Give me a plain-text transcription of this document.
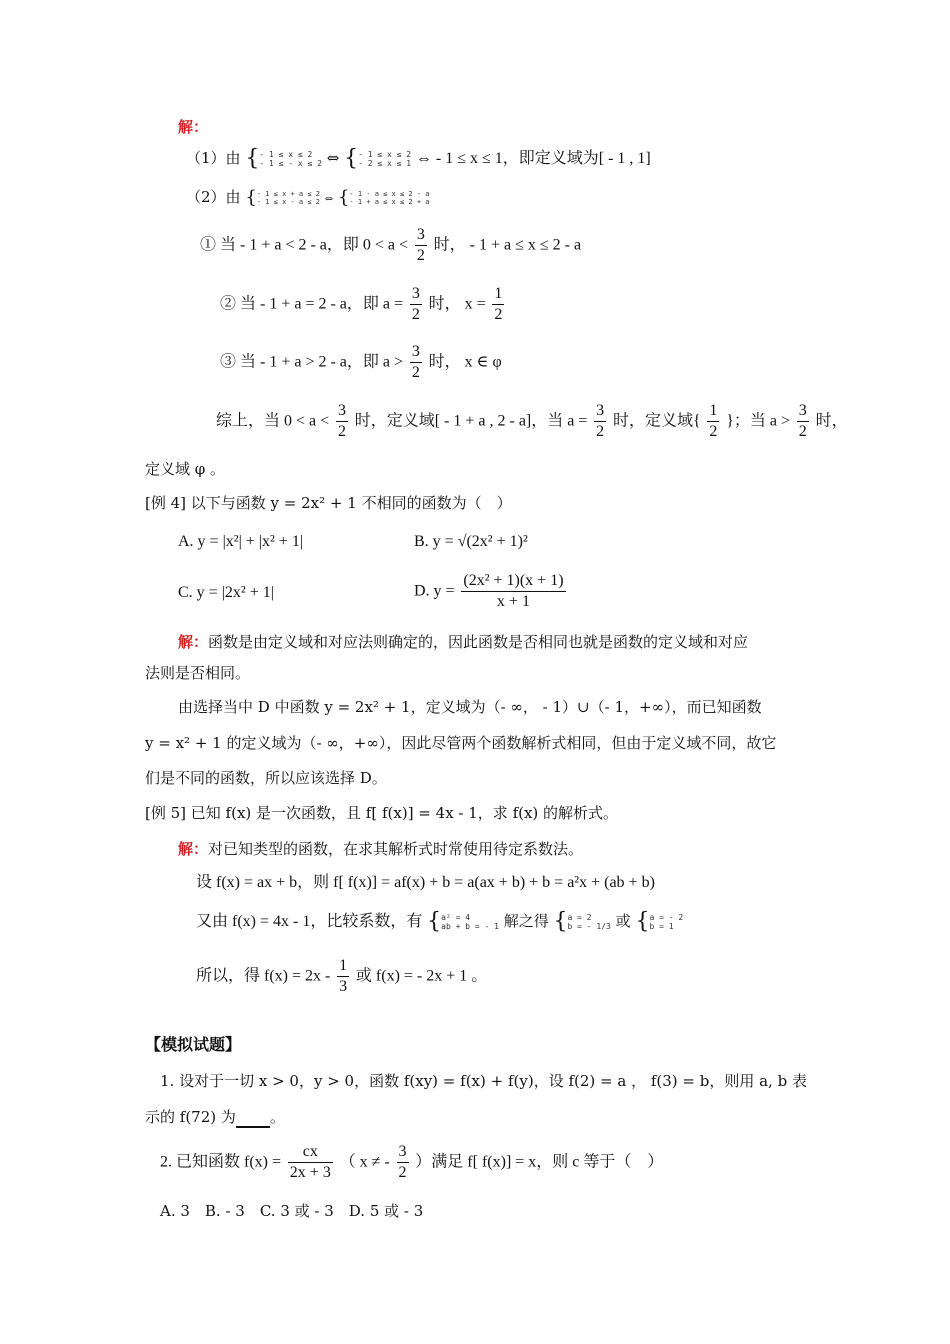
解：
（1）由 {- 1 ≤ x ≤ 2
- 1 ≤ - x ≤ 2 ⇔ {- 1 ≤ x ≤ 2
- 2 ≤ x ≤ 1 ⇔ - 1 ≤ x ≤ 1，即定义域为[ - 1 , 1]
（2）由 {- 1 ≤ x + a ≤ 2
- 1 ≤ x - a ≤ 2 ⇔ {- 1 - a ≤ x ≤ 2 - a
- 1 + a ≤ x ≤ 2 + a
① 当 - 1 + a < 2 - a，即 $0 < a < \frac{3}{2}$ 时， - 1 + a ≤ x ≤ 2 - a
② 当 - 1 + a = 2 - a，即 $a = \frac{3}{2}$ 时， $x = \frac{1}{2}$
③ 当 - 1 + a > 2 - a，即 $a > \frac{3}{2}$ 时， x ∈ φ
综上，当 $0 < a < \frac{3}{2}$ 时，定义域[ - 1 + a , 2 - a]，当 $a = \frac{3}{2}$ 时，定义域{ $\frac{1}{2}$ }；当 $a > \frac{3}{2}$ 时，
定义域 φ 。
[例 4] 以下与函数 y = 2x² + 1 不相同的函数为（　）
A. y = |x²| + |x² + 1|	B. y = √(2x² + 1)²
C. y = |2x² + 1|	D. $y = \frac{\text{(2x² + 1)(x + 1)}}{x + 1}$
解：函数是由定义域和对应法则确定的，因此函数是否相同也就是函数的定义域和对应
法则是否相同。
由选择当中 D 中函数 y = 2x² + 1，定义域为（- ∞， - 1）∪（- 1，+∞），而已知函数
y = x² + 1 的定义域为（- ∞，+∞），因此尽管两个函数解析式相同，但由于定义域不同，故它
们是不同的函数，所以应该选择 D。
[例 5] 已知 f(x) 是一次函数，且 f[ f(x)] = 4x - 1，求 f(x) 的解析式。
解：对已知类型的函数，在求其解析式时常使用待定系数法。
设 f(x) = ax + b，则 f[ f(x)] = af(x) + b = a(ax + b) + b = a²x + (ab + b)
又由 f(x) = 4x - 1，比较系数，有 {a² = 4
ab + b = - 1 解之得 {a = 2
b = - 1/3 或 {a = - 2
b = 1
所以，得 $f(x) = 2x - \frac{1}{3}$ 或 f(x) = - 2x + 1 。
【模拟试题】
1. 设对于一切 x > 0，y > 0，函数 f(xy) = f(x) + f(y)，设 f(2) = a ， f(3) = b，则用 a, b 表
示的 f(72) 为 。
2. 已知函数 $f(x) = \frac{cx}{2x + 3}$ （ x ≠ - $\frac{3}{2}$ ）满足 f[ f(x)] = x，则 c 等于（　）
A. 3　B. - 3　C. 3 或 - 3　D. 5 或 - 3
